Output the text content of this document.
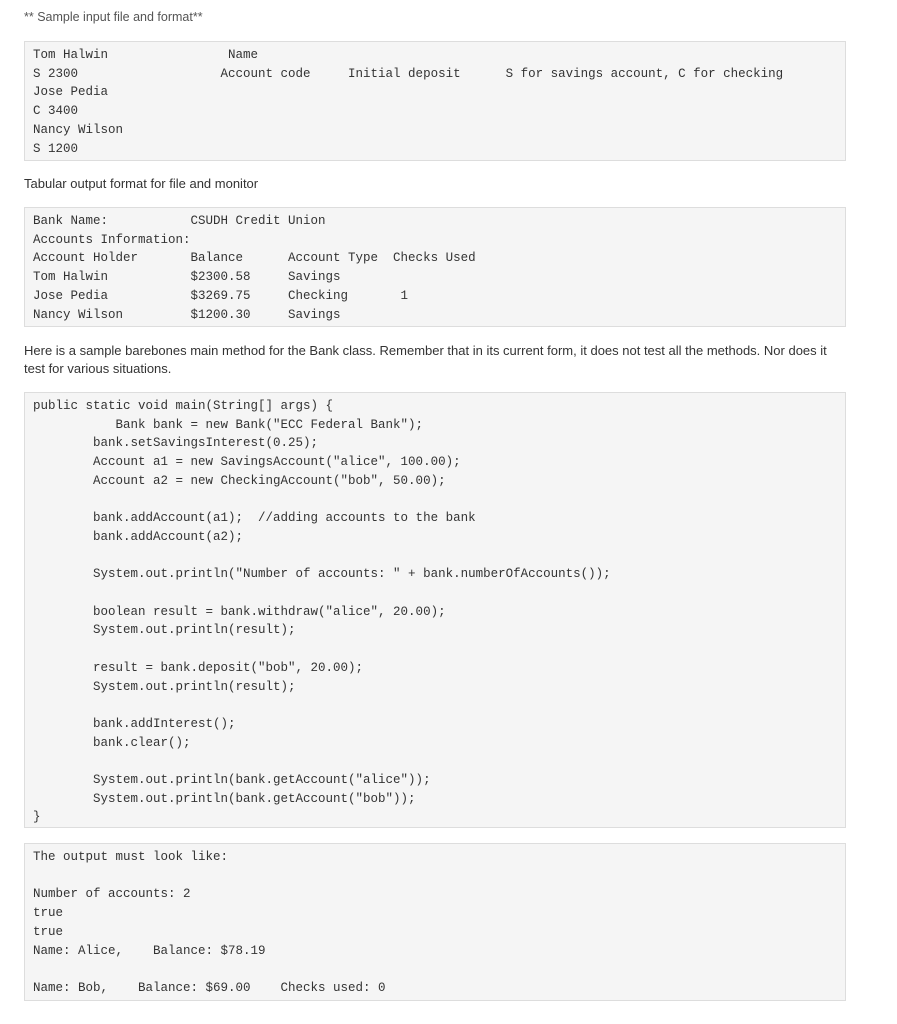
** Sample input file and format**

Tom Halwin                Name
S 2300                   Account code     Initial deposit      S for savings account, C for checking
Jose Pedia
C 3400
Nancy Wilson
S 1200

Tabular output format for file and monitor

Bank Name:           CSUDH Credit Union
Accounts Information:
Account Holder       Balance      Account Type  Checks Used
Tom Halwin           $2300.58     Savings
Jose Pedia           $3269.75     Checking       1
Nancy Wilson         $1200.30     Savings

Here is a sample barebones main method for the Bank class. Remember that in its current form, it does not test all the methods. Nor does it test for various situations.

public static void main(String[] args) {
Bank bank = new Bank("ECC Federal Bank");
bank.setSavingsInterest(0.25);
Account a1 = new SavingsAccount("alice", 100.00);
Account a2 = new CheckingAccount("bob", 50.00);

bank.addAccount(a1);  //adding accounts to the bank
bank.addAccount(a2);

System.out.println("Number of accounts: " + bank.numberOfAccounts());

boolean result = bank.withdraw("alice", 20.00);
System.out.println(result);

result = bank.deposit("bob", 20.00);
System.out.println(result);

bank.addInterest();
bank.clear();

System.out.println(bank.getAccount("alice"));
System.out.println(bank.getAccount("bob"));
}
The output must look like:

Number of accounts: 2
true
true
Name: Alice,    Balance: $78.19

Name: Bob,    Balance: $69.00    Checks used: 0
